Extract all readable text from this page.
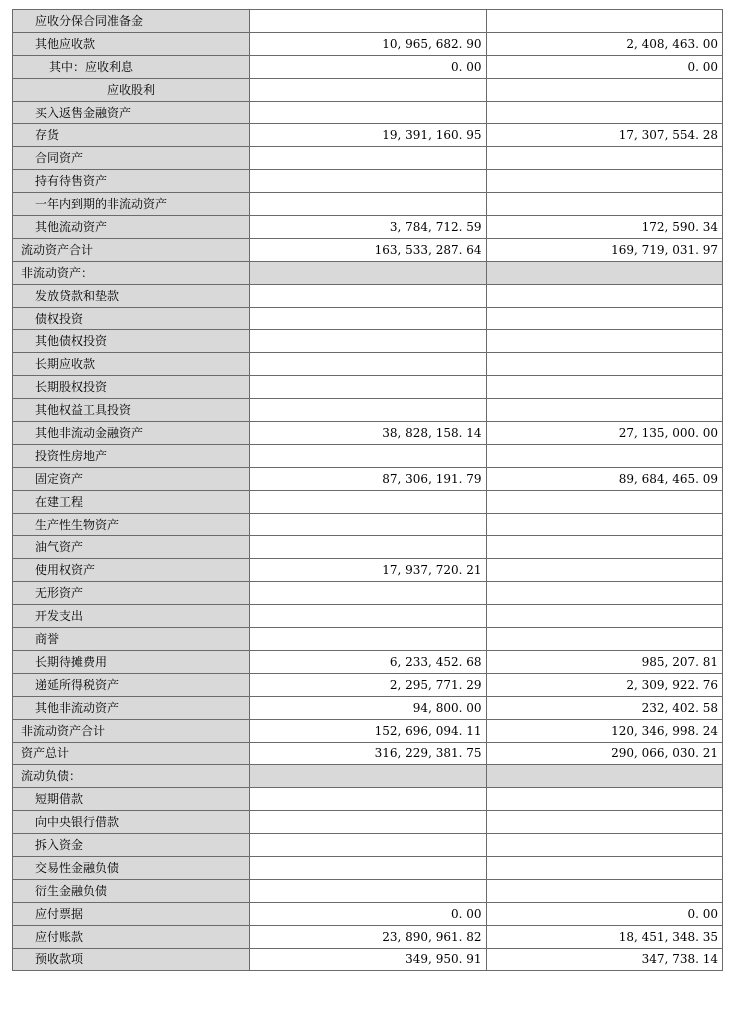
应收分保合同准备金		
其他应收款	10, 965, 682. 90	2, 408, 463. 00
其中：应收利息	0. 00	0. 00
应收股利		
买入返售金融资产		
存货	19, 391, 160. 95	17, 307, 554. 28
合同资产		
持有待售资产		
一年内到期的非流动资产		
其他流动资产	3, 784, 712. 59	172, 590. 34
流动资产合计	163, 533, 287. 64	169, 719, 031. 97
非流动资产：		
发放贷款和垫款		
债权投资		
其他债权投资		
长期应收款		
长期股权投资		
其他权益工具投资		
其他非流动金融资产	38, 828, 158. 14	27, 135, 000. 00
投资性房地产		
固定资产	87, 306, 191. 79	89, 684, 465. 09
在建工程		
生产性生物资产		
油气资产		
使用权资产	17, 937, 720. 21	
无形资产		
开发支出		
商誉		
长期待摊费用	6, 233, 452. 68	985, 207. 81
递延所得税资产	2, 295, 771. 29	2, 309, 922. 76
其他非流动资产	94, 800. 00	232, 402. 58
非流动资产合计	152, 696, 094. 11	120, 346, 998. 24
资产总计	316, 229, 381. 75	290, 066, 030. 21
流动负债：		
短期借款		
向中央银行借款		
拆入资金		
交易性金融负债		
衍生金融负债		
应付票据	0. 00	0. 00
应付账款	23, 890, 961. 82	18, 451, 348. 35
预收款项	349, 950. 91	347, 738. 14
